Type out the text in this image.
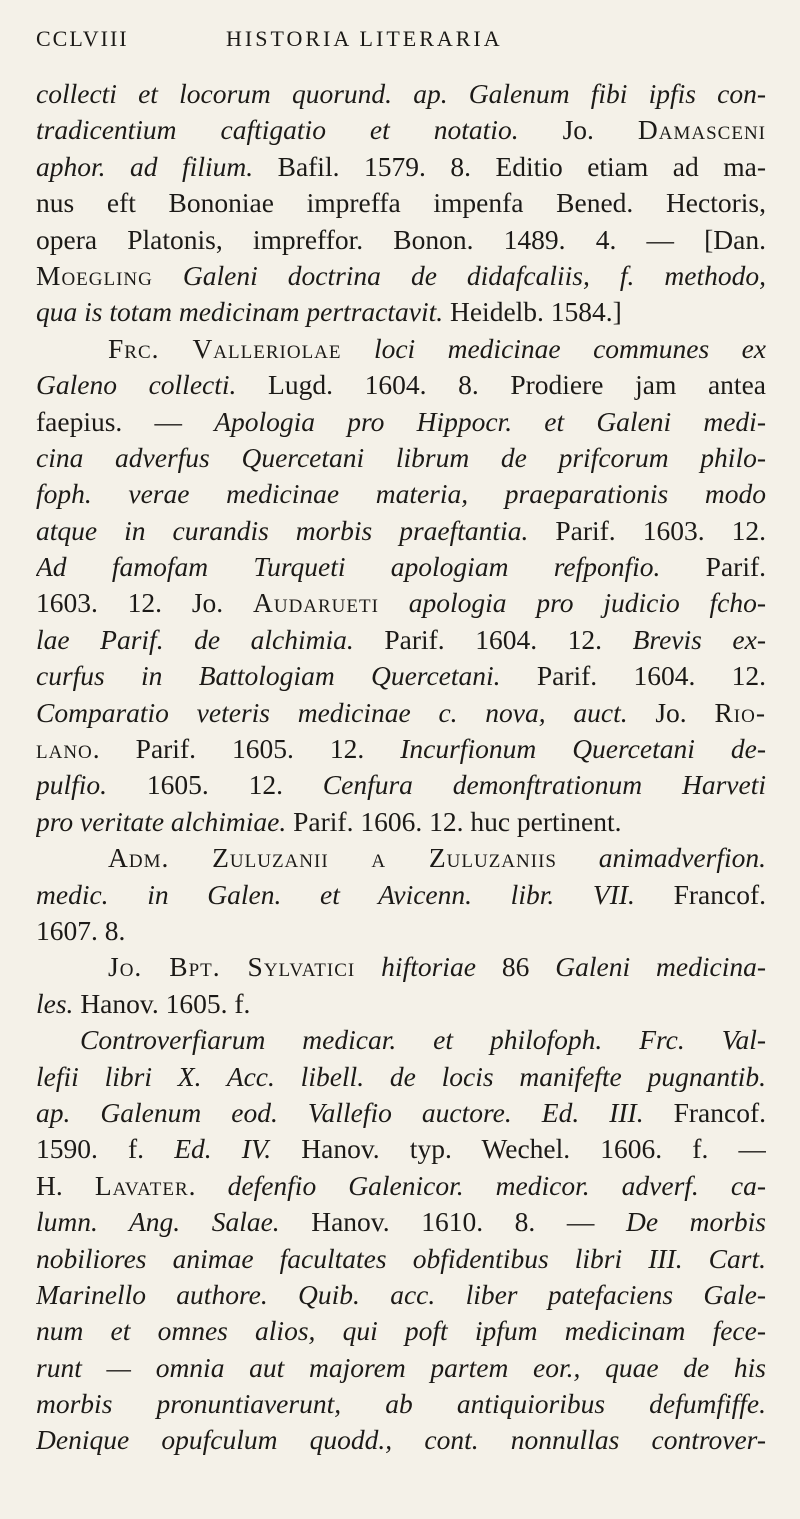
CCLVIII	HISTORIA LITERARIA
collecti et locorum quorund. ap. Galenum fibi ipfis con-
tradicentium caftigatio et notatio. Jo. Damasceni
aphor. ad filium. Bafil. 1579. 8. Editio etiam ad ma-
nus eft Bononiae impreffa impenfa Bened. Hectoris,
opera Platonis, impreffor. Bonon. 1489. 4. — [Dan.
Moegling Galeni doctrina de didafcaliis, f. methodo,
qua is totam medicinam pertractavit. Heidelb. 1584.]
Frc. Valleriolae loci medicinae communes ex
Galeno collecti. Lugd. 1604. 8. Prodiere jam antea
faepius. — Apologia pro Hippocr. et Galeni medi-
cina adverfus Quercetani librum de prifcorum philo-
foph. verae medicinae materia, praeparationis modo
atque in curandis morbis praeftantia. Parif. 1603. 12.
Ad famofam Turqueti apologiam refponfio. Parif.
1603. 12. Jo. Audarueti apologia pro judicio fcho-
lae Parif. de alchimia. Parif. 1604. 12. Brevis ex-
curfus in Battologiam Quercetani. Parif. 1604. 12.
Comparatio veteris medicinae c. nova, auct. Jo. Rio-
lano. Parif. 1605. 12. Incurfionum Quercetani de-
pulfio. 1605. 12. Cenfura demonftrationum Harveti
pro veritate alchimiae. Parif. 1606. 12. huc pertinent.
Adm. Zuluzanii a Zuluzaniis animadverfion.
medic. in Galen. et Avicenn. libr. VII. Francof.
1607. 8.
Jo. Bpt. Sylvatici hiftoriae 86 Galeni medicina-
les. Hanov. 1605. f.
Controverfiarum medicar. et philofoph. Frc. Val-
lefii libri X. Acc. libell. de locis manifefte pugnantib.
ap. Galenum eod. Vallefio auctore. Ed. III. Francof.
1590. f. Ed. IV. Hanov. typ. Wechel. 1606. f. —
H. Lavater. defenfio Galenicor. medicor. adverf. ca-
lumn. Ang. Salae. Hanov. 1610. 8. — De morbis
nobiliores animae facultates obfidentibus libri III. Cart.
Marinello authore. Quib. acc. liber patefaciens Gale-
num et omnes alios, qui poft ipfum medicinam fece-
runt — omnia aut majorem partem eor., quae de his
morbis pronuntiaverunt, ab antiquioribus defumfiffe.
Denique opufculum quodd., cont. nonnullas controver-
